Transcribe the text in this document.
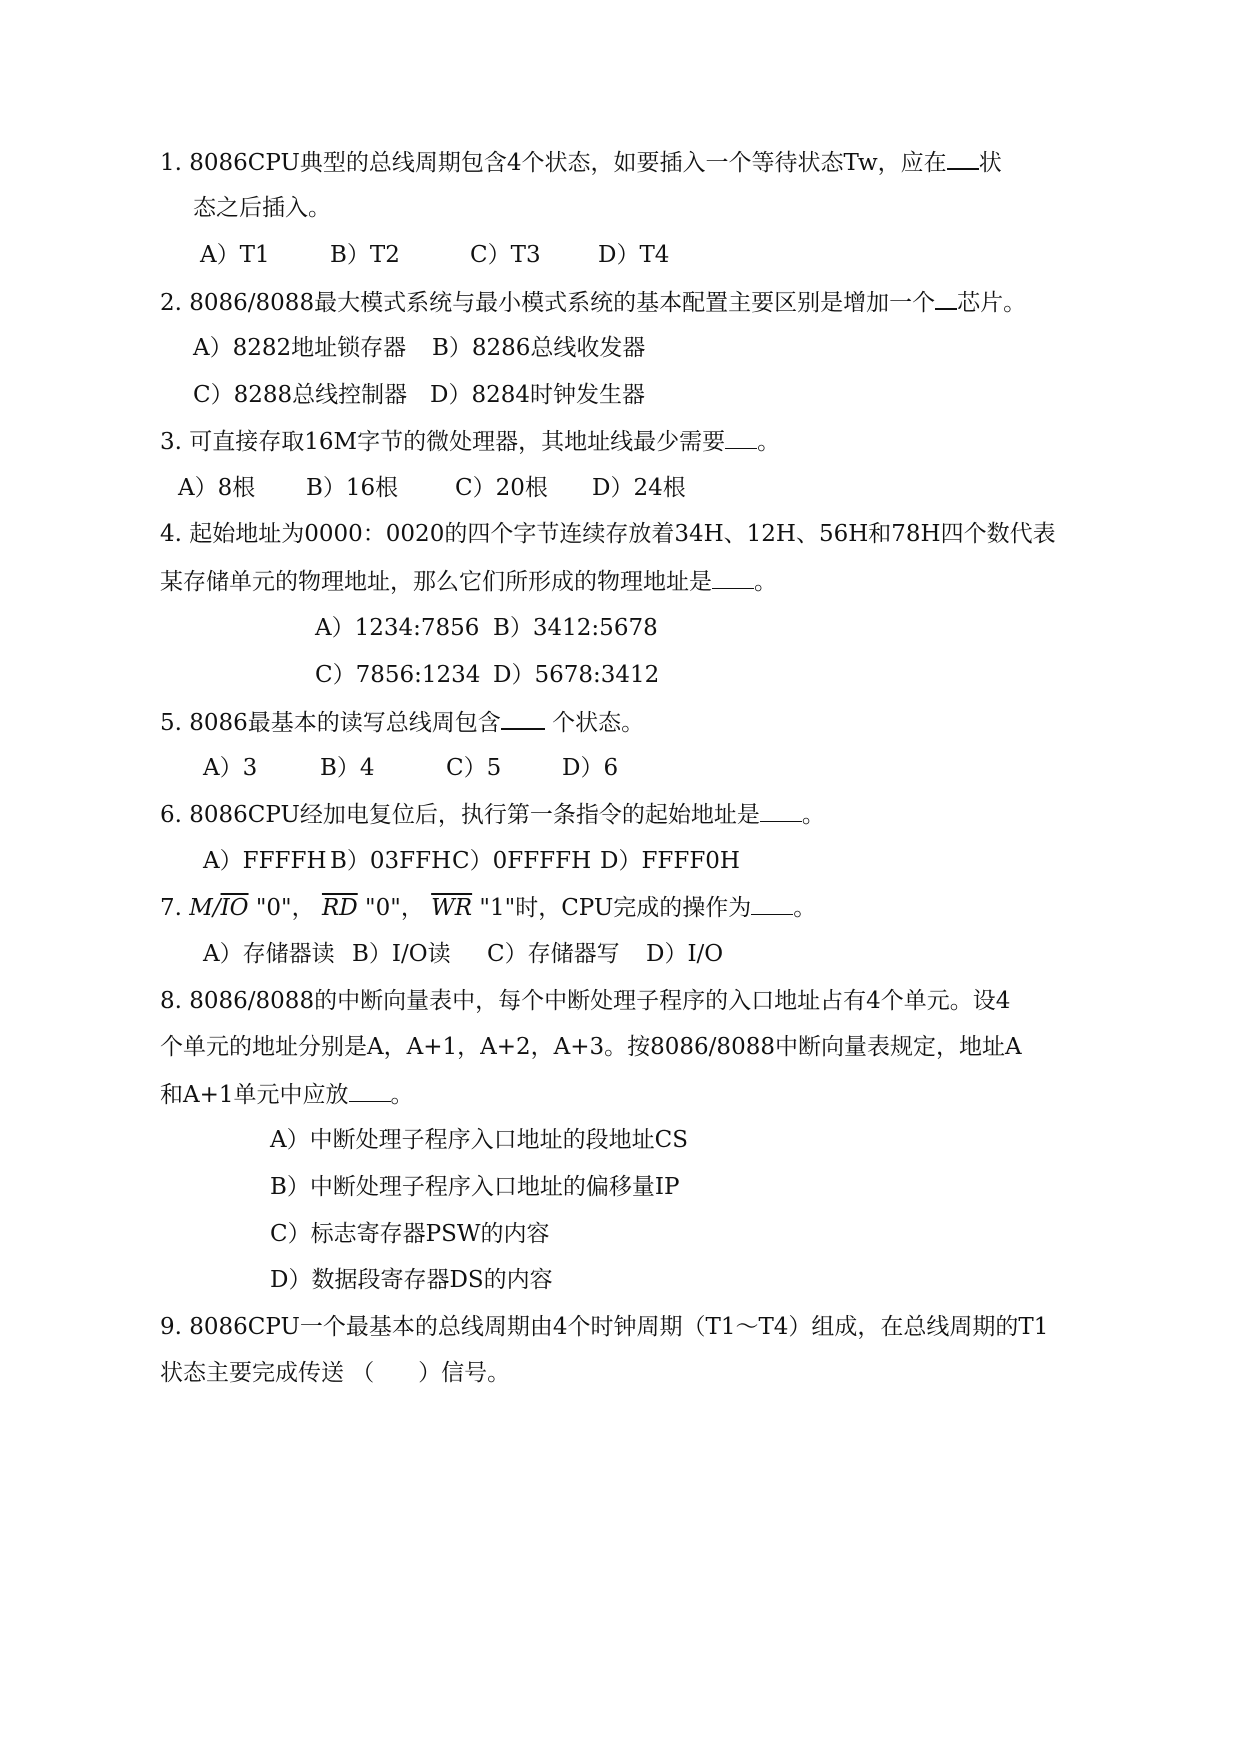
1. 8086CPU典型的总线周期包含4个状态，如要插入一个等待状态Tw，应在 状
态之后插入。
A）T1	B）T2	C）T3 D）T4
2. 8086/8088最大模式系统与最小模式系统的基本配置主要区别是增加一个 芯片。
A）8282地址锁存器 B）8286总线收发器
C）8288总线控制器 D）8284时钟发生器
3. 可直接存取16M字节的微处理器，其地址线最少需要 。
A）8根 B）16根 C）20根 D）24根
4. 起始地址为0000：0020的四个字节连续存放着34H、12H、56H和78H四个数代表
某存储单元的物理地址，那么它们所形成的物理地址是 。
A）1234:7856 B）3412:5678
C）7856:1234 D）5678:3412
5. 8086最基本的读写总线周包含 个状态。
A）3	B）4	C）5	D）6
6. 8086CPU经加电复位后，执行第一条指令的起始地址是 。
A）FFFFH B）03FFH C）0FFFFH D）FFFF0H
7. $M/\overline{IO}$ "0"， $\overline{RD}$ "0"， $\overline{WR}$ "1"时，CPU完成的操作为 。
A）存储器读 B）I/O读 C）存储器写 D）I/O
8. 8086/8088的中断向量表中，每个中断处理子程序的入口地址占有4个单元。设4
个单元的地址分别是A，A+1，A+2，A+3。按8086/8088中断向量表规定，地址A
和A+1单元中应放 。
A）中断处理子程序入口地址的段地址CS
B）中断处理子程序入口地址的偏移量IP
C）标志寄存器PSW的内容
D）数据段寄存器DS的内容
9. 8086CPU一个最基本的总线周期由4个时钟周期（T1～T4）组成，在总线周期的T1
状态主要完成传送 （      ）信号。
